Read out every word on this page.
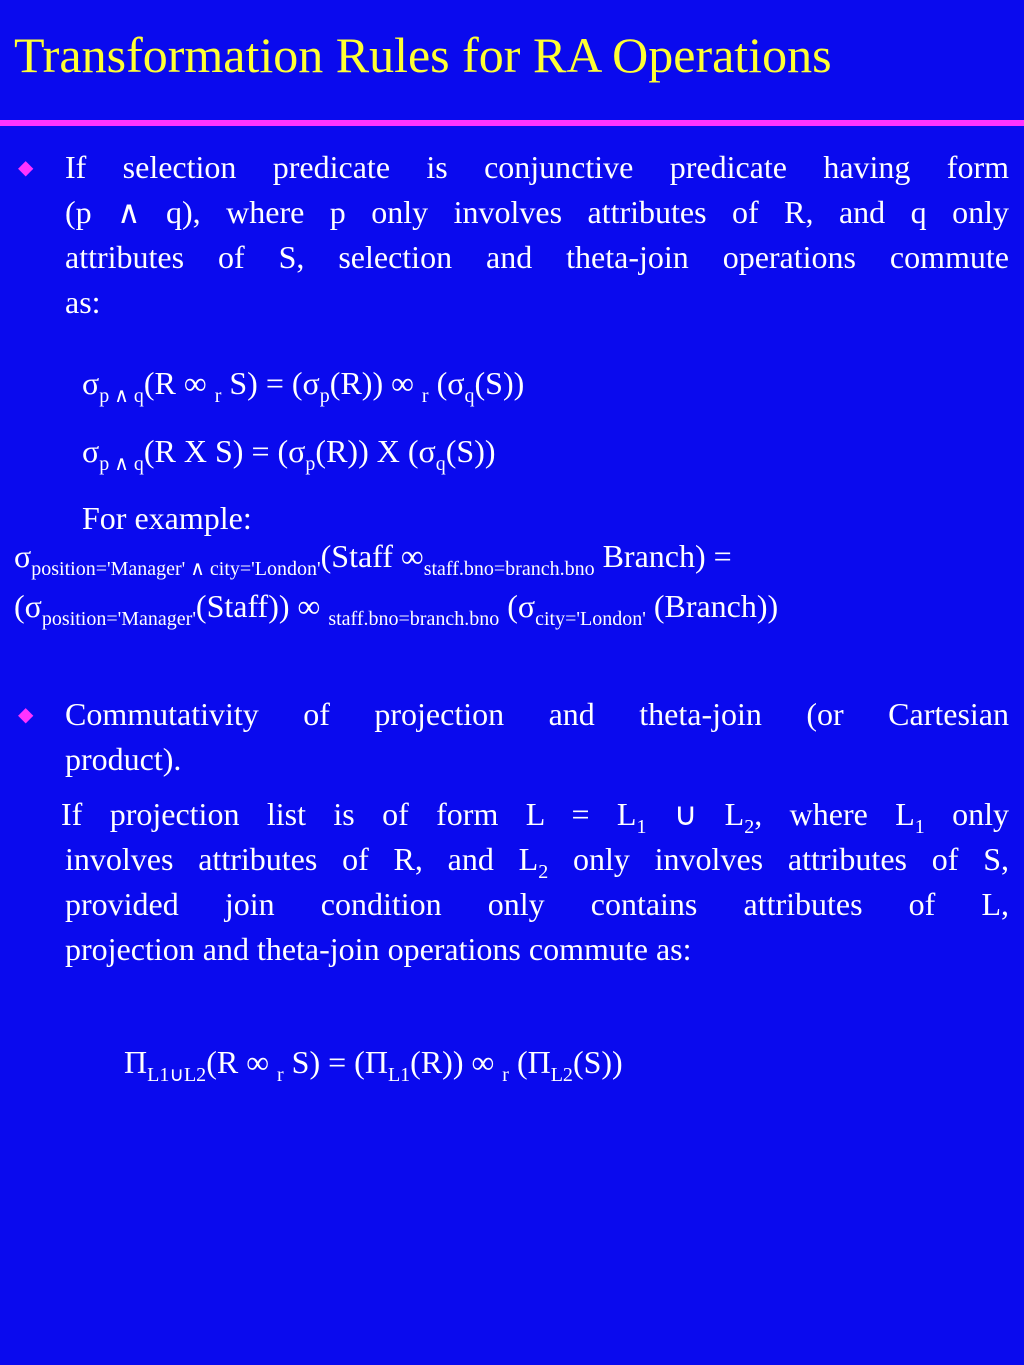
Transformation Rules for RA Operations
◆ If selection predicate is conjunctive predicate having form
(p ∧ q), where p only involves attributes of R, and q only
attributes of S, selection and theta-join operations commute
as:
$\sigma_{p \wedge q}(R$ ∞ $_r$ $S) = (\sigma_p(R))$ ∞ $_r$ $(\sigma_q(S))$
$\sigma_{p \wedge q}(R$ X $S) = (\sigma_p(R))$ X $(\sigma_q(S))$
For example:
$\sigma_{position='Manager' \wedge city='London'}(Staff$ $\infty_{staff.bno=branch.bno}$ Branch) =
$(\sigma_{position='Manager'}(Staff))$ ∞ $_{staff.bno=branch.bno}$ ($\sigma_{city='London'}$ (Branch))
◆ Commutativity of projection and theta-join (or Cartesian
product).
If projection list is of form $L = L_1$ ∪ $L_2$, where $L_1$ only
involves attributes of R, and $L_2$ only involves attributes of S,
provided join condition only contains attributes of L,
projection and theta-join operations commute as:
$\Pi_{L1\cup L2}(R$ ∞ $_r$ $S) = (\Pi_{L1}(R))$ ∞ $_r$ $(\Pi_{L2}(S))$
